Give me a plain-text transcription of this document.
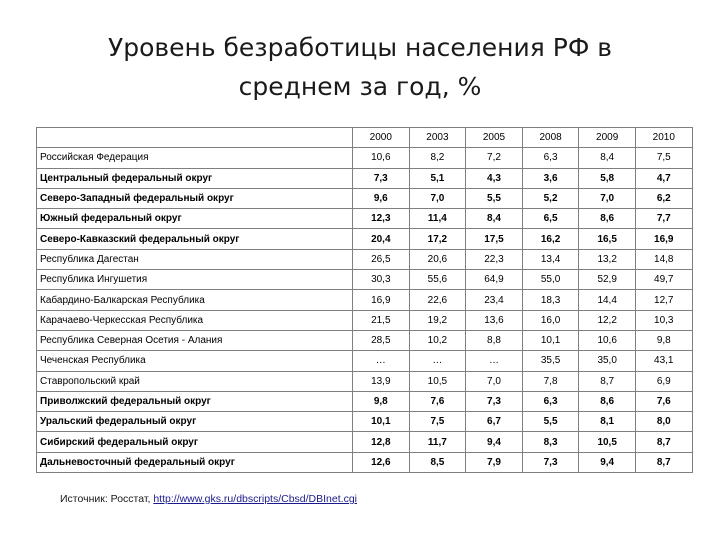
Уровень безработицы населения РФ в
среднем за год, %
	2000	2003	2005	2008	2009	2010
Российская Федерация	10,6	8,2	7,2	6,3	8,4	7,5
Центральный федеральный округ	7,3	5,1	4,3	3,6	5,8	4,7
Северо-Западный федеральный округ	9,6	7,0	5,5	5,2	7,0	6,2
Южный федеральный округ	12,3	11,4	8,4	6,5	8,6	7,7
Северо-Кавказский федеральный округ	20,4	17,2	17,5	16,2	16,5	16,9
Республика Дагестан	26,5	20,6	22,3	13,4	13,2	14,8
Республика Ингушетия	30,3	55,6	64,9	55,0	52,9	49,7
Кабардино-Балкарская Республика	16,9	22,6	23,4	18,3	14,4	12,7
Карачаево-Черкесская Республика	21,5	19,2	13,6	16,0	12,2	10,3
Республика Северная Осетия - Алания	28,5	10,2	8,8	10,1	10,6	9,8
Чеченская Республика	…	…	…	35,5	35,0	43,1
Ставропольский край	13,9	10,5	7,0	7,8	8,7	6,9
Приволжский федеральный округ	9,8	7,6	7,3	6,3	8,6	7,6
Уральский федеральный округ	10,1	7,5	6,7	5,5	8,1	8,0
Сибирский федеральный округ	12,8	11,7	9,4	8,3	10,5	8,7
Дальневосточный федеральный округ	12,6	8,5	7,9	7,3	9,4	8,7
Источник: Росстат, http://www.gks.ru/dbscripts/Cbsd/DBInet.cgi
